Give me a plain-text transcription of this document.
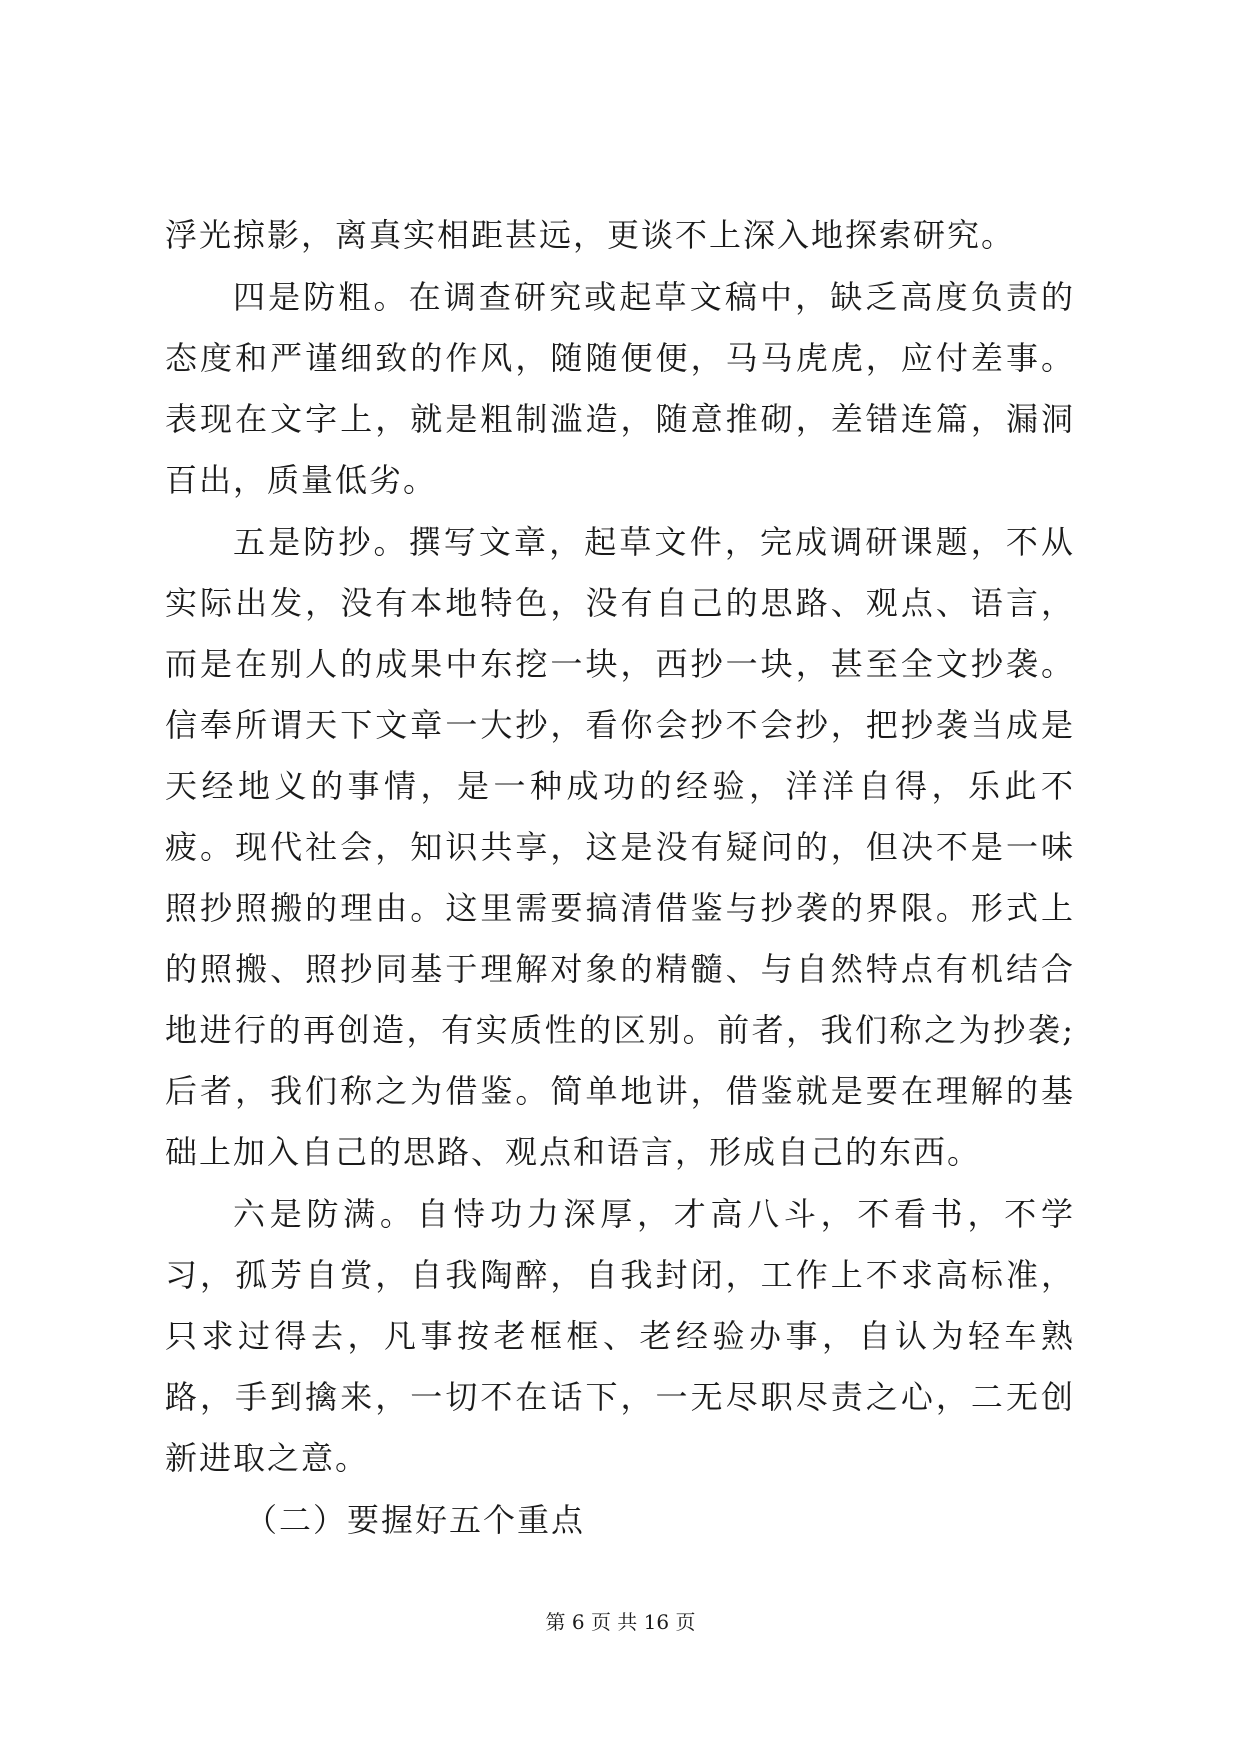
浮光掠影，离真实相距甚远，更谈不上深入地探索研究。

四是防粗。在调查研究或起草文稿中，缺乏高度负责的态度和严谨细致的作风，随随便便，马马虎虎，应付差事。表现在文字上，就是粗制滥造，随意推砌，差错连篇，漏洞百出，质量低劣。

五是防抄。撰写文章，起草文件，完成调研课题，不从实际出发，没有本地特色，没有自己的思路、观点、语言，而是在别人的成果中东挖一块，西抄一块，甚至全文抄袭。信奉所谓天下文章一大抄，看你会抄不会抄，把抄袭当成是天经地义的事情，是一种成功的经验，洋洋自得，乐此不疲。现代社会，知识共享，这是没有疑问的，但决不是一味照抄照搬的理由。这里需要搞清借鉴与抄袭的界限。形式上的照搬、照抄同基于理解对象的精髓、与自然特点有机结合地进行的再创造，有实质性的区别。前者，我们称之为抄袭;后者，我们称之为借鉴。简单地讲，借鉴就是要在理解的基础上加入自己的思路、观点和语言，形成自己的东西。

六是防满。自恃功力深厚，才高八斗，不看书，不学习，孤芳自赏，自我陶醉，自我封闭，工作上不求高标准，只求过得去，凡事按老框框、老经验办事，自认为轻车熟路，手到擒来，一切不在话下，一无尽职尽责之心，二无创新进取之意。

（二）要握好五个重点

第 6 页 共 16 页
